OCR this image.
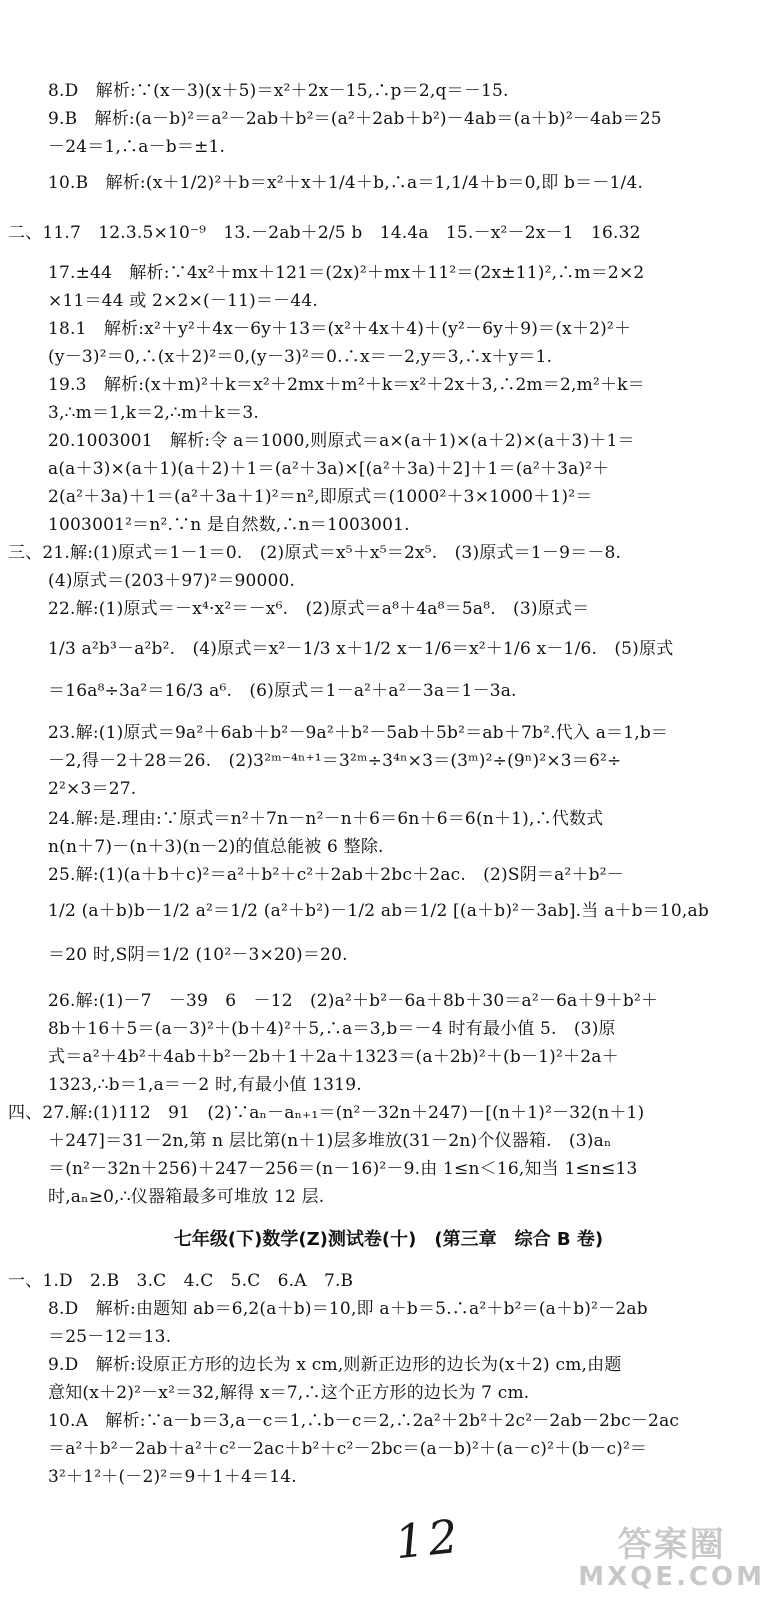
8.D　解析:∵(x－3)(x＋5)＝x²＋2x－15,∴p＝2,q＝－15.
9.B　解析:(a－b)²＝a²－2ab＋b²＝(a²＋2ab＋b²)－4ab＝(a＋b)²－4ab＝25
－24＝1,∴a－b＝±1.
10.B　解析:(x＋1/2)²＋b＝x²＋x＋1/4＋b,∴a＝1,1/4＋b＝0,即 b＝－1/4.
二、11.7　12.3.5×10⁻⁹　13.－2ab＋2/5 b　14.4a　15.－x²－2x－1　16.32
17.±44　解析:∵4x²＋mx＋121＝(2x)²＋mx＋11²＝(2x±11)²,∴m＝2×2
×11＝44 或 2×2×(－11)＝－44.
18.1　解析:x²＋y²＋4x－6y＋13＝(x²＋4x＋4)＋(y²－6y＋9)＝(x＋2)²＋
(y－3)²＝0,∴(x＋2)²＝0,(y－3)²＝0.∴x＝－2,y＝3,∴x＋y＝1.
19.3　解析:(x＋m)²＋k＝x²＋2mx＋m²＋k＝x²＋2x＋3,∴2m＝2,m²＋k＝
3,∴m＝1,k＝2,∴m＋k＝3.
20.1003001　解析:令 a＝1000,则原式＝a×(a＋1)×(a＋2)×(a＋3)＋1＝
a(a＋3)×(a＋1)(a＋2)＋1＝(a²＋3a)×[(a²＋3a)＋2]＋1＝(a²＋3a)²＋
2(a²＋3a)＋1＝(a²＋3a＋1)²＝n²,即原式＝(1000²＋3×1000＋1)²＝
1003001²＝n².∵n 是自然数,∴n＝1003001.
三、21.解:(1)原式＝1－1＝0.　(2)原式＝x⁵＋x⁵＝2x⁵.　(3)原式＝1－9＝－8.
(4)原式＝(203＋97)²＝90000.
22.解:(1)原式＝－x⁴·x²＝－x⁶.　(2)原式＝a⁸＋4a⁸＝5a⁸.　(3)原式＝
1/3 a²b³－a²b².　(4)原式＝x²－1/3 x＋1/2 x－1/6＝x²＋1/6 x－1/6.　(5)原式
＝16a⁸÷3a²＝16/3 a⁶.　(6)原式＝1－a²＋a²－3a＝1－3a.
23.解:(1)原式＝9a²＋6ab＋b²－9a²＋b²－5ab＋5b²＝ab＋7b².代入 a＝1,b＝
－2,得－2＋28＝26.　(2)3²ᵐ⁻⁴ⁿ⁺¹＝3²ᵐ÷3⁴ⁿ×3＝(3ᵐ)²÷(9ⁿ)²×3＝6²÷
2²×3＝27.
24.解:是.理由:∵原式＝n²＋7n－n²－n＋6＝6n＋6＝6(n＋1),∴代数式
n(n＋7)－(n＋3)(n－2)的值总能被 6 整除.
25.解:(1)(a＋b＋c)²＝a²＋b²＋c²＋2ab＋2bc＋2ac.　(2)S阴＝a²＋b²－
1/2 (a＋b)b－1/2 a²＝1/2 (a²＋b²)－1/2 ab＝1/2 [(a＋b)²－3ab].当 a＋b＝10,ab
＝20 时,S阴＝1/2 (10²－3×20)＝20.
26.解:(1)－7　－39　6　－12　(2)a²＋b²－6a＋8b＋30＝a²－6a＋9＋b²＋
8b＋16＋5＝(a－3)²＋(b＋4)²＋5,∴a＝3,b＝－4 时有最小值 5.　(3)原
式＝a²＋4b²＋4ab＋b²－2b＋1＋2a＋1323＝(a＋2b)²＋(b－1)²＋2a＋
1323,∴b＝1,a＝－2 时,有最小值 1319.
四、27.解:(1)112　91　(2)∵aₙ－aₙ₊₁＝(n²－32n＋247)－[(n＋1)²－32(n＋1)
＋247]＝31－2n,第 n 层比第(n＋1)层多堆放(31－2n)个仪器箱.　(3)aₙ
＝(n²－32n＋256)＋247－256＝(n－16)²－9.由 1≤n＜16,知当 1≤n≤13
时,aₙ≥0,∴仪器箱最多可堆放 12 层.
七年级(下)数学(Z)测试卷(十)　(第三章　综合 B 卷)
一、1.D　2.B　3.C　4.C　5.C　6.A　7.B
8.D　解析:由题知 ab＝6,2(a＋b)＝10,即 a＋b＝5.∴a²＋b²＝(a＋b)²－2ab
＝25－12＝13.
9.D　解析:设原正方形的边长为 x cm,则新正边形的边长为(x＋2) cm,由题
意知(x＋2)²－x²＝32,解得 x＝7,∴这个正方形的边长为 7 cm.
10.A　解析:∵a－b＝3,a－c＝1,∴b－c＝2,∴2a²＋2b²＋2c²－2ab－2bc－2ac
＝a²＋b²－2ab＋a²＋c²－2ac＋b²＋c²－2bc＝(a－b)²＋(a－c)²＋(b－c)²＝
3²＋1²＋(－2)²＝9＋1＋4＝14.
12	答案圈
MXQE.COM
